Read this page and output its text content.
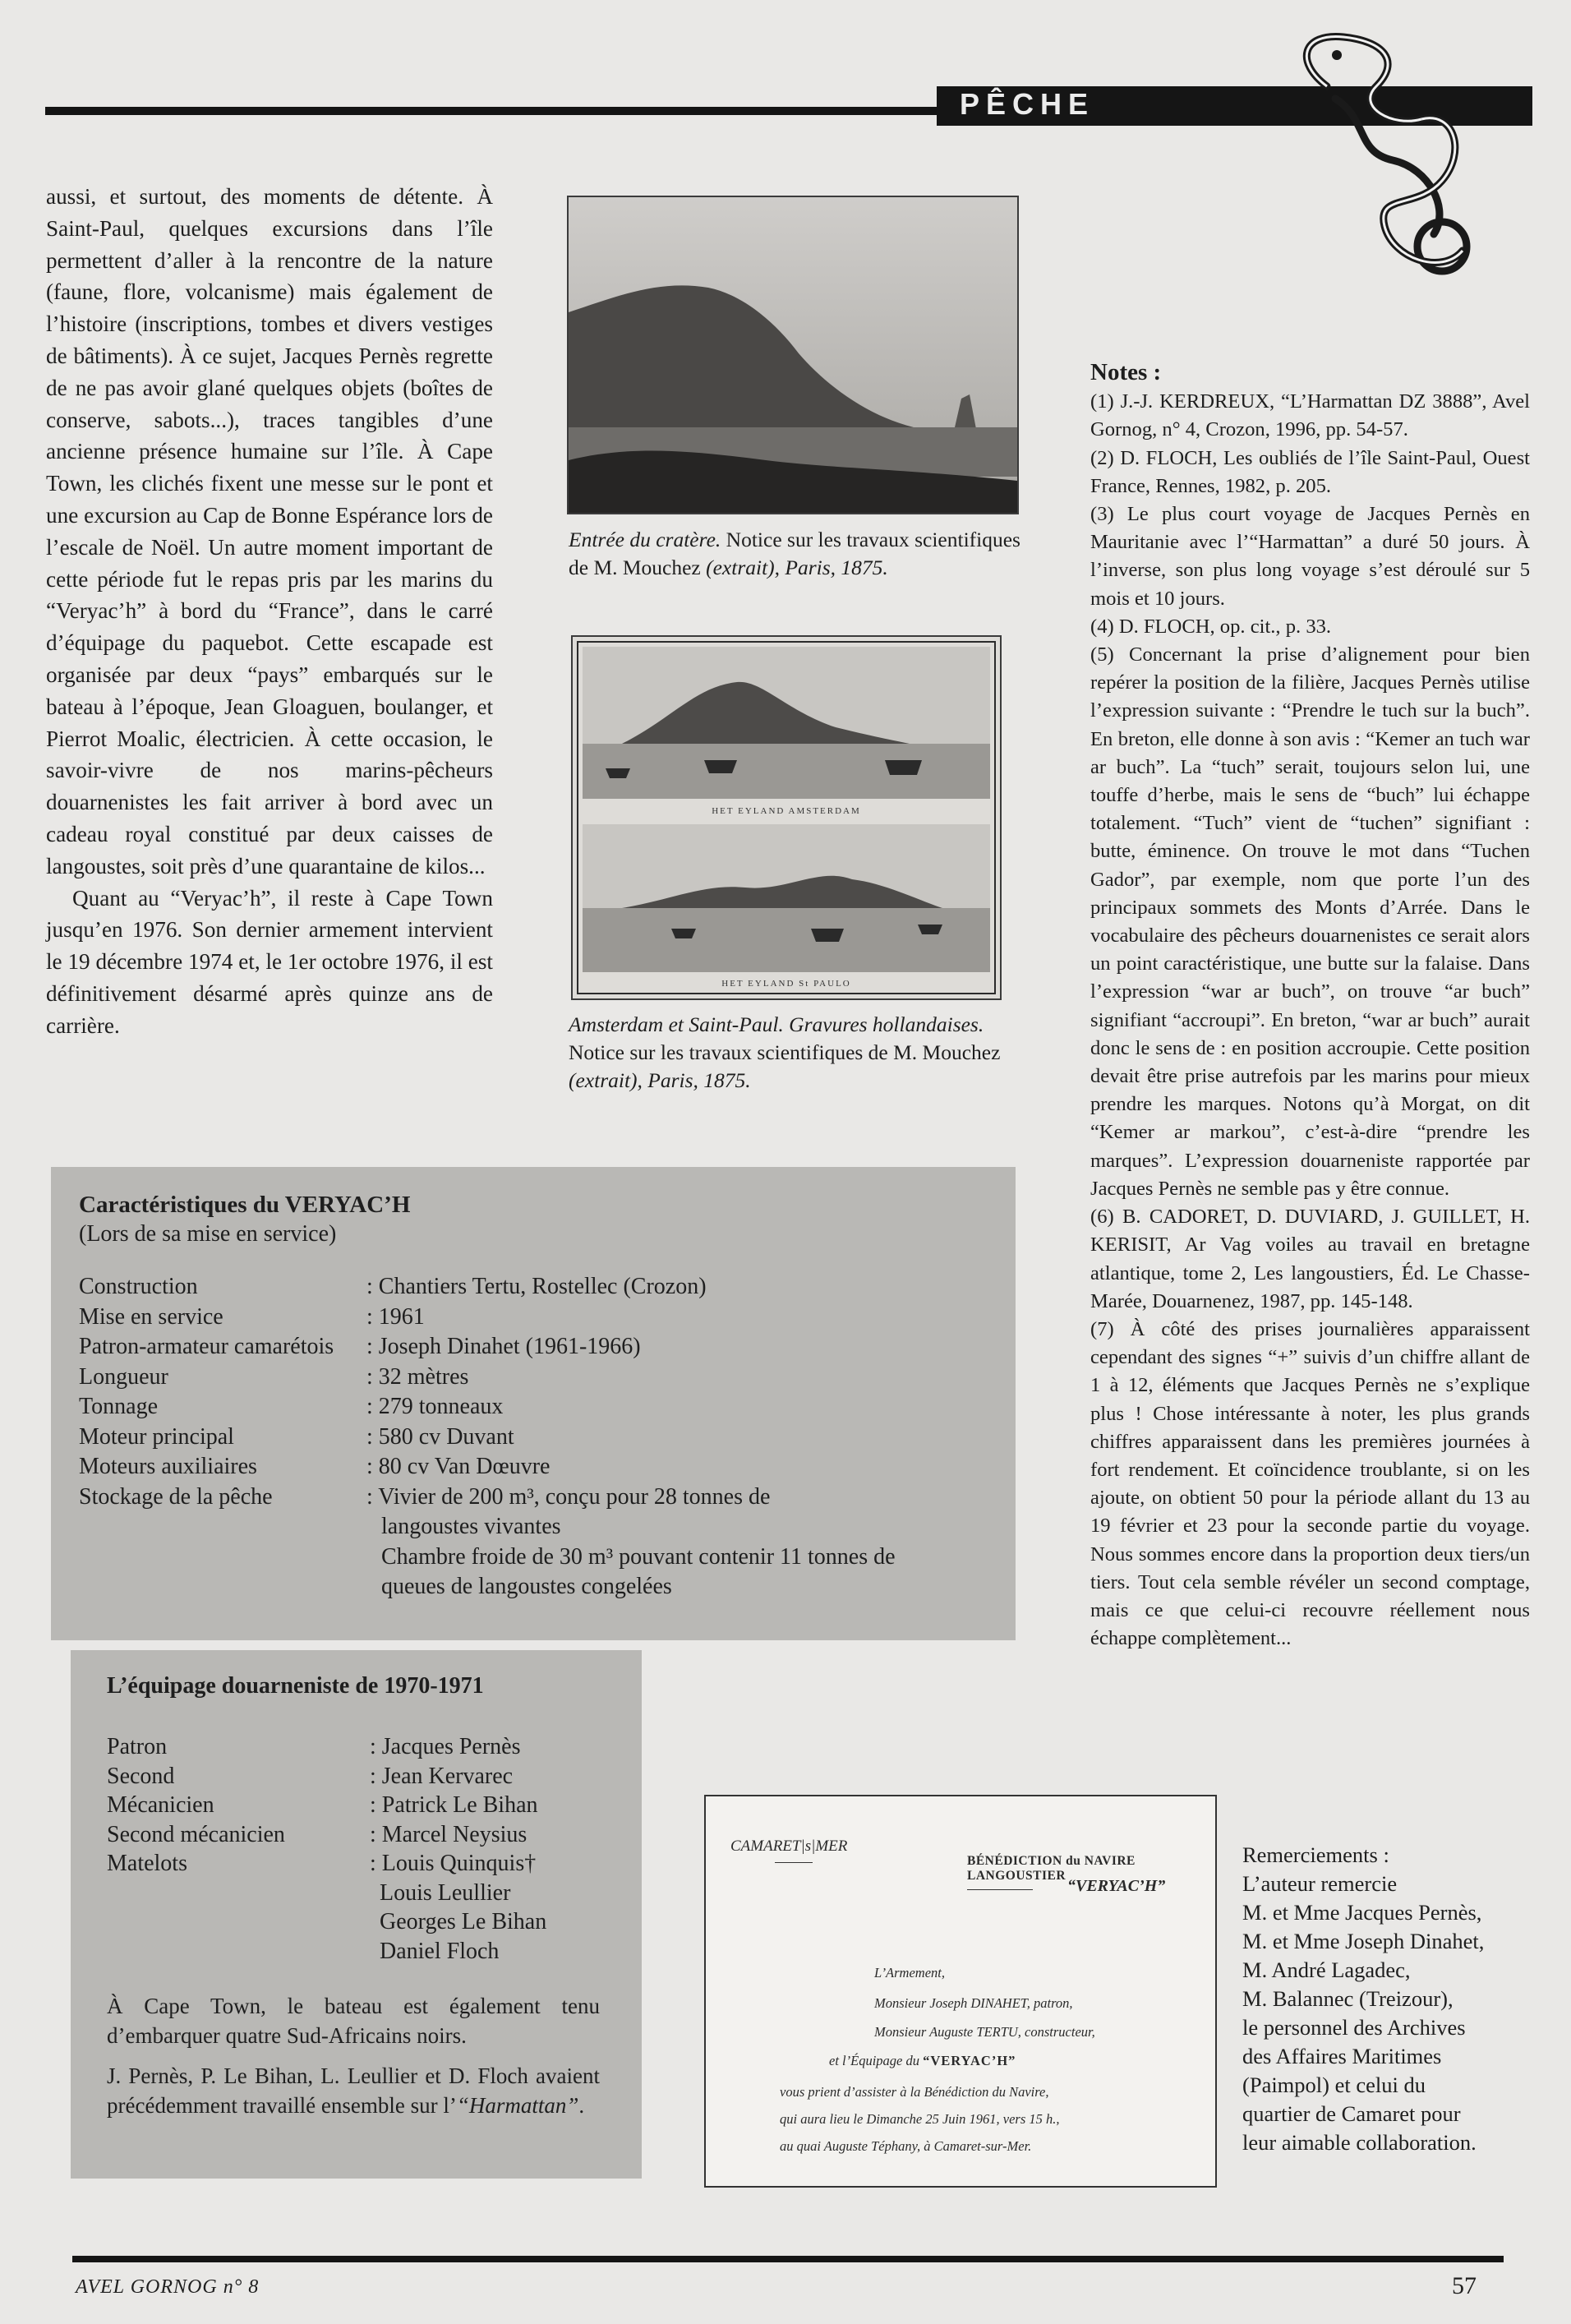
PÊCHE

aussi, et surtout, des moments de détente. À Saint-Paul, quelques excursions dans l’île permettent d’aller à la rencontre de la nature (faune, flore, volcanisme) mais également de l’histoire (inscriptions, tombes et divers vestiges de bâtiments). À ce sujet, Jacques Pernès regrette de ne pas avoir glané quelques objets (boîtes de conserve, sabots...), traces tangibles d’une ancienne présence humaine sur l’île. À Cape Town, les clichés fixent une messe sur le pont et une excursion au Cap de Bonne Espérance lors de l’escale de Noël. Un autre moment important de cette période fut le repas pris par les marins du “Veryac’h” à bord du “France”, dans le carré d’équipage du paquebot. Cette escapade est organisée par deux “pays” embarqués sur le bateau à l’époque, Jean Gloaguen, boulanger, et Pierrot Moalic, électricien. À cette occasion, le savoir-vivre de nos marins-pêcheurs douarnenistes les fait arriver à bord avec un cadeau royal constitué par deux caisses de langoustes, soit près d’une quarantaine de kilos...

Quant au “Veryac’h”, il reste à Cape Town jusqu’en 1976. Son dernier armement intervient le 19 décembre 1974 et, le 1er octobre 1976, il est définitivement désarmé après quinze ans de carrière.

Entrée du cratère. Notice sur les travaux scientifiques de M. Mouchez (extrait), Paris, 1875.
HET EYLAND AMSTERDAM
HET EYLAND St PAULO
Amsterdam et Saint-Paul. Gravures hollandaises. Notice sur les travaux scientifiques de M. Mouchez (extrait), Paris, 1875.
Notes :

(1) J.-J. KERDREUX, “L’Harmattan DZ 3888”, Avel Gornog, n° 4, Crozon, 1996, pp. 54-57.

(2) D. FLOCH, Les oubliés de l’île Saint-Paul, Ouest France, Rennes, 1982, p. 205.

(3) Le plus court voyage de Jacques Pernès en Mauritanie avec l’“Harmattan” a duré 50 jours. À l’inverse, son plus long voyage s’est déroulé sur 5 mois et 10 jours.

(4) D. FLOCH, op. cit., p. 33.

(5) Concernant la prise d’alignement pour bien repérer la position de la filière, Jacques Pernès utilise l’expression suivante : “Prendre le tuch sur la buch”. En breton, elle donne à son avis : “Kemer an tuch war ar buch”. La “tuch” serait, toujours selon lui, une touffe d’herbe, mais le sens de “buch” lui échappe totalement. “Tuch” vient de “tuchen” signifiant : butte, éminence. On trouve le mot dans “Tuchen Gador”, par exemple, nom que porte l’un des principaux sommets des Monts d’Arrée. Dans le vocabulaire des pêcheurs douarnenistes ce serait alors un point caractéristique, une butte sur la falaise. Dans l’expression “war ar buch”, on trouve “ar buch” signifiant “accroupi”. En breton, “war ar buch” aurait donc le sens de : en position accroupie. Cette position devait être prise autrefois par les marins pour mieux prendre les marques. Notons qu’à Morgat, on dit “Kemer ar markou”, c’est-à-dire “prendre les marques”. L’expression douarneniste rapportée par Jacques Pernès ne semble pas y être connue.

(6) B. CADORET, D. DUVIARD, J. GUILLET, H. KERISIT, Ar Vag voiles au travail en bretagne atlantique, tome 2, Les langoustiers, Éd. Le Chasse-Marée, Douarnenez, 1987, pp. 145-148.

(7) À côté des prises journalières apparaissent cependant des signes “+” suivis d’un chiffre allant de 1 à 12, éléments que Jacques Pernès ne s’explique plus ! Chose intéressante à noter, les plus grands chiffres apparaissent dans les premières journées à fort rendement. Et coïncidence troublante, si on les ajoute, on obtient 50 pour la période allant du 13 au 19 février et 23 pour la seconde partie du voyage. Nous sommes encore dans la proportion deux tiers/un tiers. Tout cela semble révéler un second comptage, mais ce que celui-ci recouvre réellement nous échappe complètement...

Caractéristiques du VERYAC’H
(Lors de sa mise en service)
Construction	: Chantiers Tertu, Rostellec (Crozon)
Mise en service	: 1961
Patron-armateur camarétois	: Joseph Dinahet (1961-1966)
Longueur	: 32 mètres
Tonnage	: 279 tonneaux
Moteur principal	: 580 cv Duvant
Moteurs auxiliaires	: 80 cv Van Dœuvre
Stockage de la pêche	: Vivier de 200 m³, conçu pour 28 tonnes de
	langoustes vivantes
	Chambre froide de 30 m³ pouvant contenir 11 tonnes de
	queues de langoustes congelées
L’équipage douarneniste de 1970-1971
Patron	: Jacques Pernès
Second	: Jean Kervarec
Mécanicien	: Patrick Le Bihan
Second mécanicien	: Marcel Neysius
Matelots	: Louis Quinquis†
	Louis Leullier
	Georges Le Bihan
	Daniel Floch
À Cape Town, le bateau est également tenu d’embarquer quatre Sud-Africains noirs.
J. Pernès, P. Le Bihan, L. Leullier et D. Floch avaient précédemment travaillé ensemble sur l’“Harmattan”.
CAMARET|s|MER
BÉNÉDICTION du NAVIRE LANGOUSTIER
“VERYAC’H”
L’Armement,
Monsieur Joseph DINAHET, patron,
Monsieur Auguste TERTU, constructeur,
et l’Équipage du “VERYAC’H”
vous prient d’assister à la Bénédiction du Navire,
qui aura lieu le Dimanche 25 Juin 1961, vers 15 h.,
au quai Auguste Téphany, à Camaret-sur-Mer.

Remerciements :

L’auteur remercie

M. et Mme Jacques Pernès,

M. et Mme Joseph Dinahet,

M. André Lagadec,

M. Balannec (Treizour),

le personnel des Archives

des Affaires Maritimes

(Paimpol) et celui du

quartier de Camaret pour

leur aimable collaboration.

AVEL GORNOG n° 8	57
